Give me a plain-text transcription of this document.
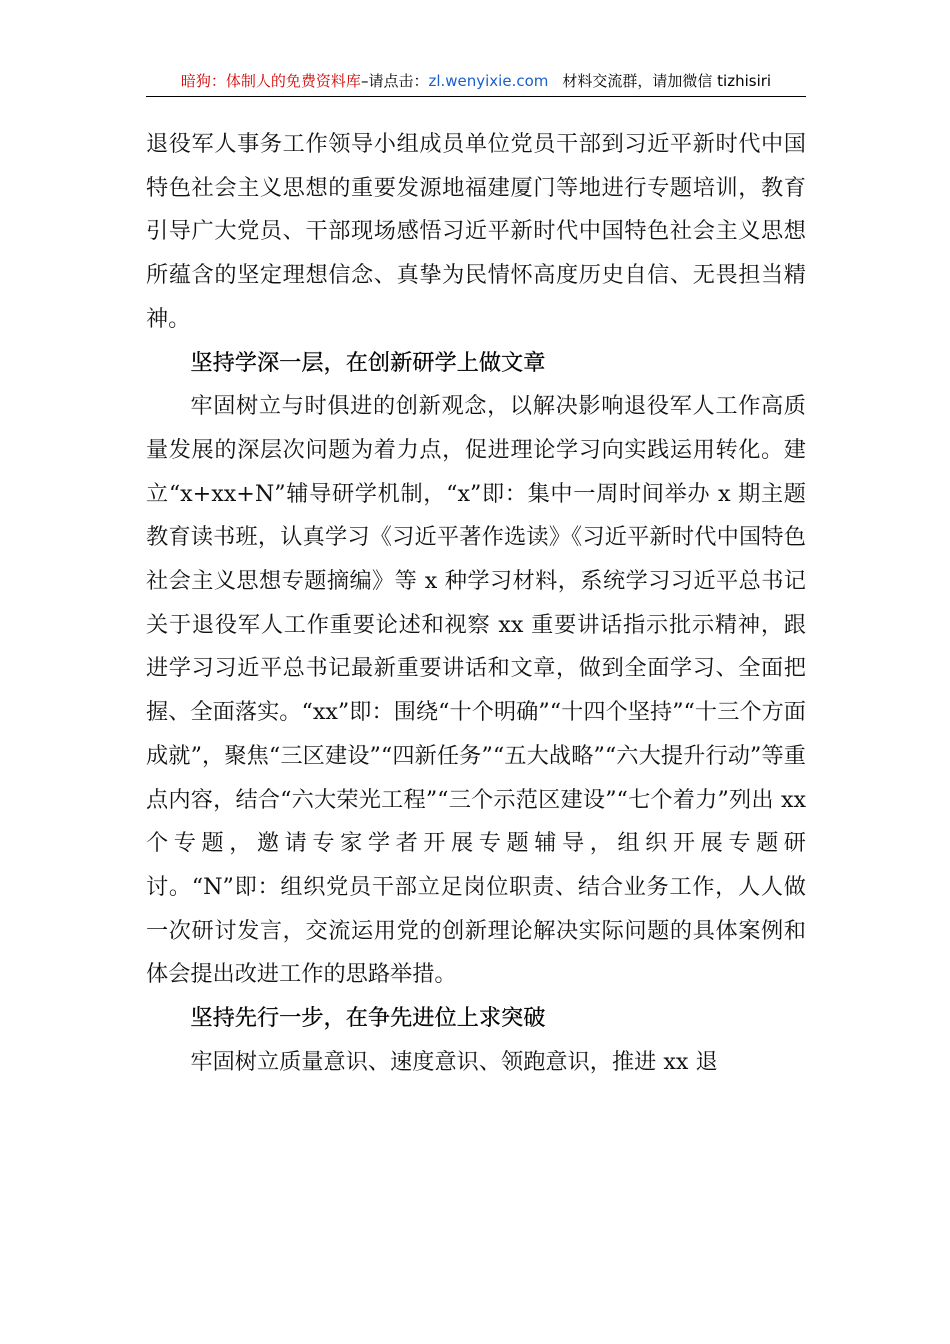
暗狗：体制人的免费资料库–请点击：zl.wenyixie.com 材料交流群，请加微信 tizhisiri

退役军人事务工作领导小组成员单位党员干部到习近平新时代中国特色社会主义思想的重要发源地福建厦门等地进行专题培训，教育引导广大党员、干部现场感悟习近平新时代中国特色社会主义思想所蕴含的坚定理想信念、真挚为民情怀高度历史自信、无畏担当精神。

坚持学深一层，在创新研学上做文章

牢固树立与时俱进的创新观念，以解决影响退役军人工作高质量发展的深层次问题为着力点，促进理论学习向实践运用转化。建立“x+xx+N”辅导研学机制，“x”即：集中一周时间举办 x 期主题教育读书班，认真学习《习近平著作选读》《习近平新时代中国特色社会主义思想专题摘编》等 x 种学习材料，系统学习习近平总书记关于退役军人工作重要论述和视察 xx 重要讲话指示批示精神，跟进学习习近平总书记最新重要讲话和文章，做到全面学习、全面把握、全面落实。“xx”即：围绕“十个明确”“十四个坚持”“十三个方面成就”，聚焦“三区建设”“四新任务”“五大战略”“六大提升行动”等重点内容，结合“六大荣光工程”“三个示范区建设”“七个着力”列出 xx 个专题，邀请专家学者开展专题辅导，组织开展专题研讨。“N”即：组织党员干部立足岗位职责、结合业务工作，人人做一次研讨发言，交流运用党的创新理论解决实际问题的具体案例和体会提出改进工作的思路举措。

坚持先行一步，在争先进位上求突破

牢固树立质量意识、速度意识、领跑意识，推进 xx 退
